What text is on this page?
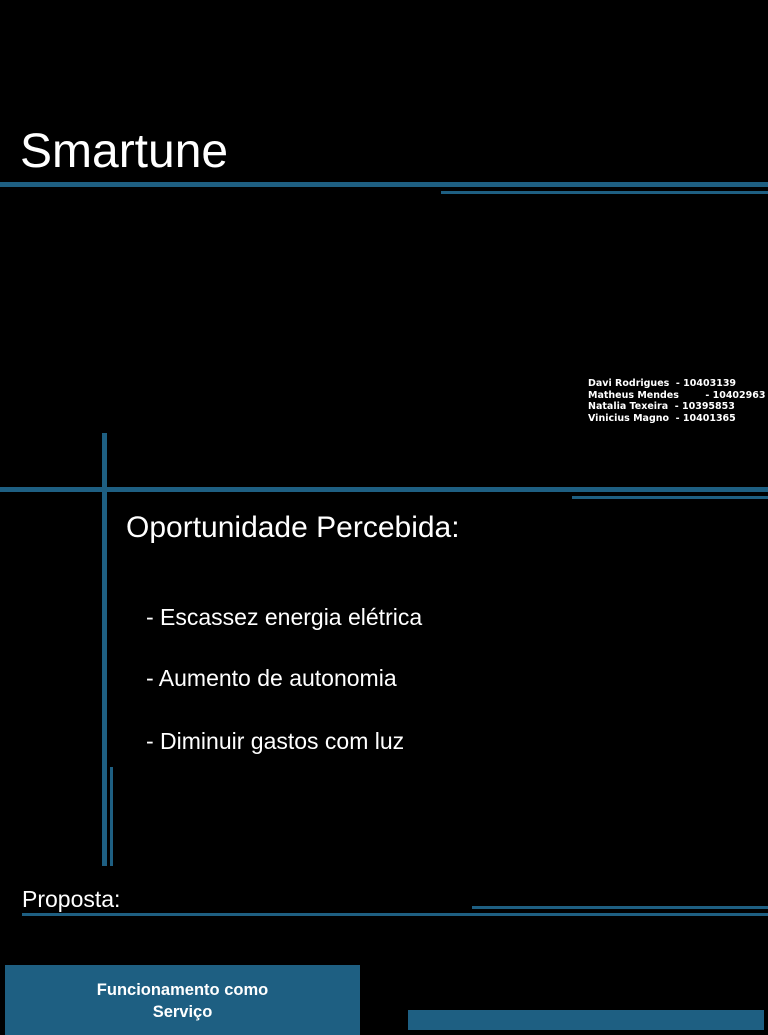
Smartune
Davi Rodrigues  - 10403139
Matheus Mendes        - 10402963
Natalia Texeira  - 10395853
Vinicius Magno  - 10401365
Oportunidade Percebida:
- Escassez energia elétrica
- Aumento de autonomia
- Diminuir gastos com luz
Proposta:
Funcionamento como
Serviço
